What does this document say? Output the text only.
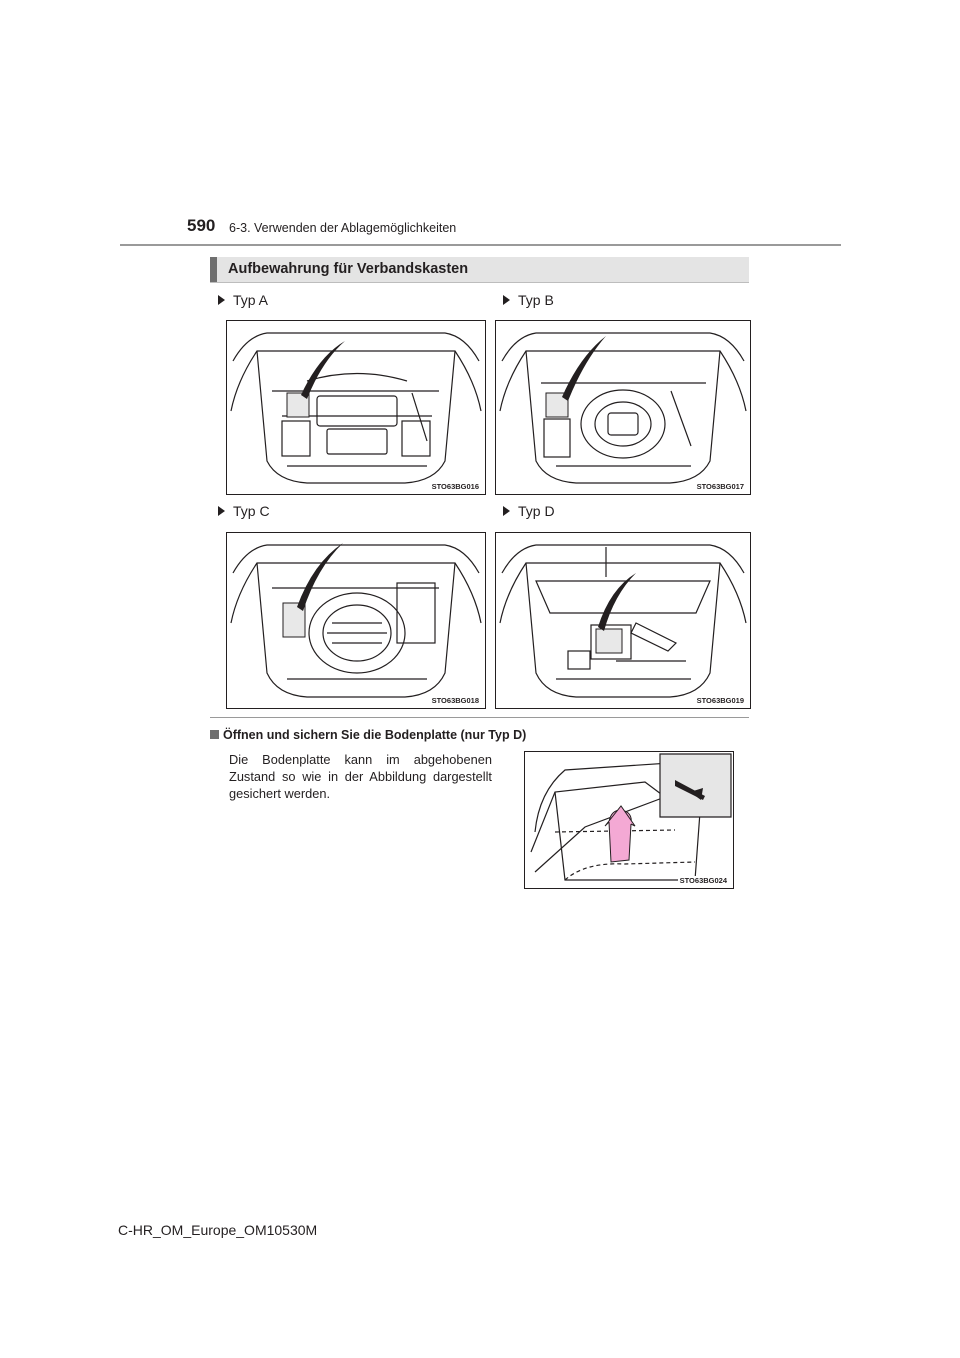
590 6-3. Verwenden der Ablagemöglichkeiten
Aufbewahrung für Verbandskasten
Typ A	Typ B
Typ C	Typ D
STO63BG016	STO63BG017
STO63BG018	STO63BG019
Öffnen und sichern Sie die Bodenplatte (nur Typ D)
Die Bodenplatte kann im abgehobenen Zustand so wie in der Abbildung dargestellt gesichert werden.
STO63BG024
C-HR_OM_Europe_OM10530M
